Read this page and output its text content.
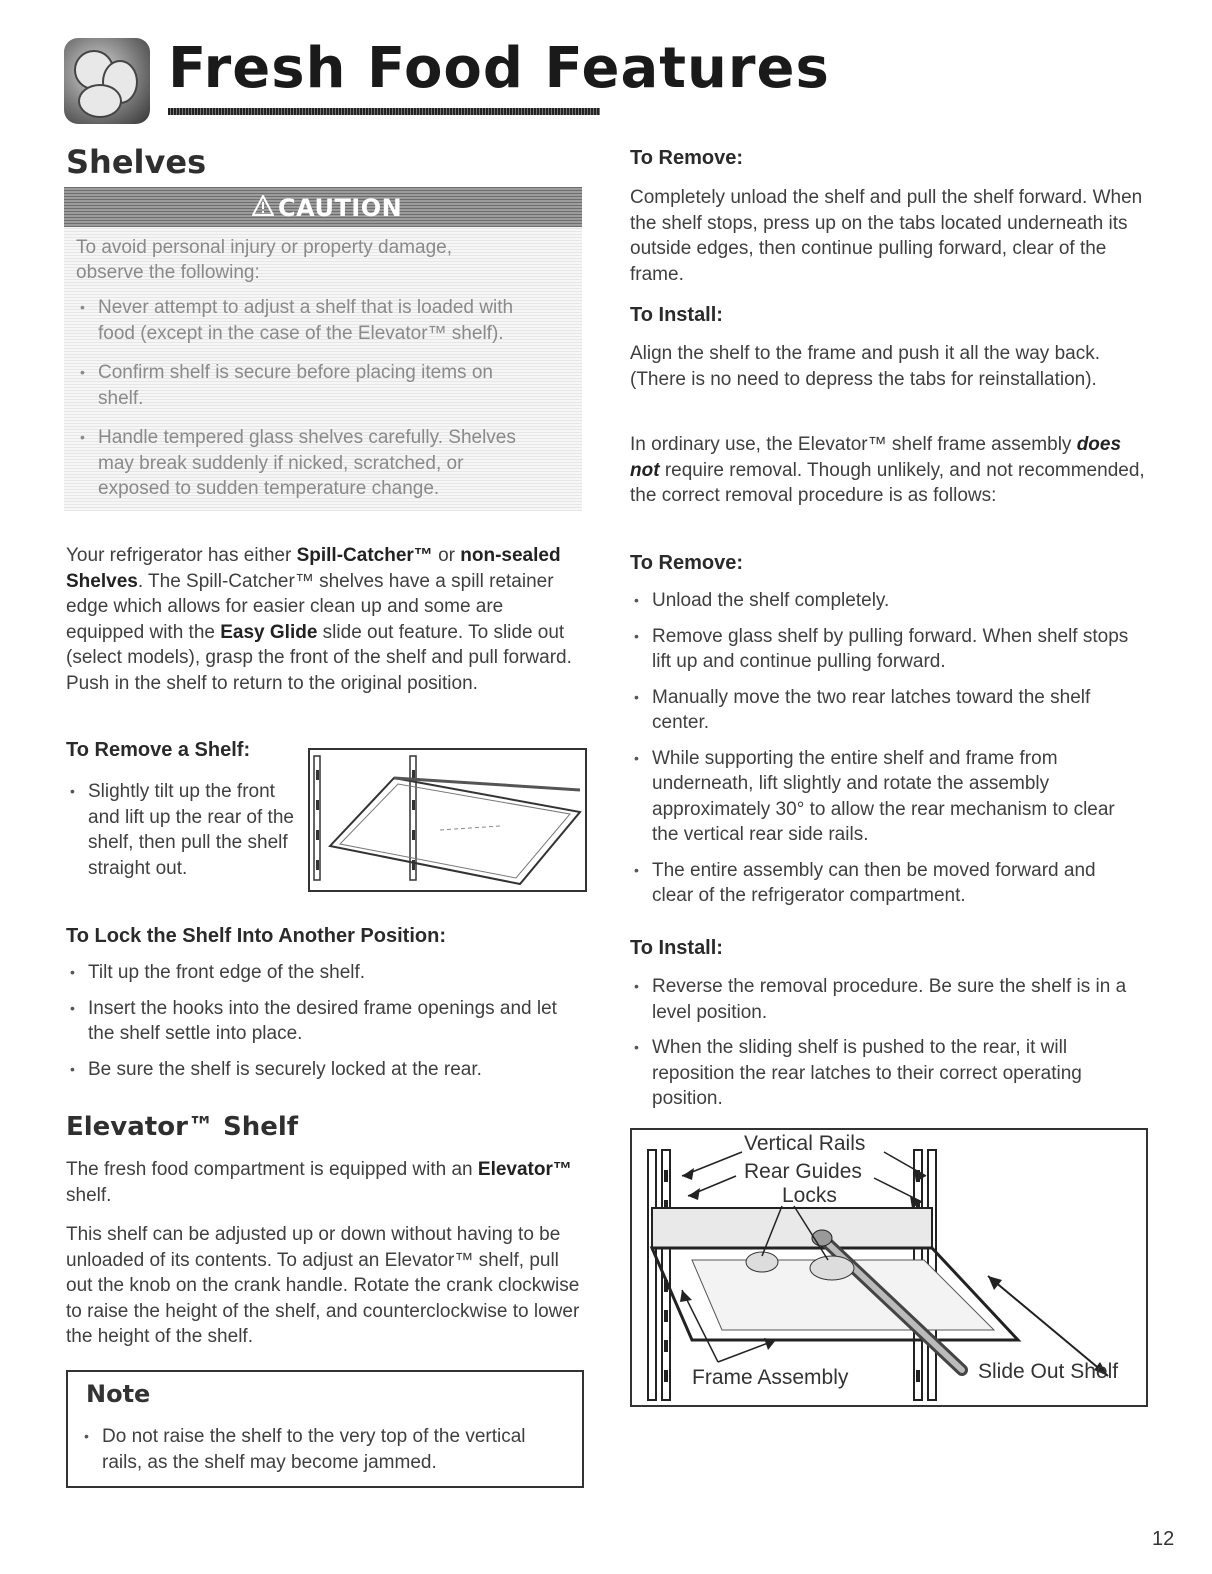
Fresh Food Features
Shelves
CAUTION

To avoid personal injury or property damage,

observe the following:

• Never attempt to adjust a shelf that is loaded with
food (except in the case of the Elevator™ shelf).
• Confirm shelf is secure before placing items on
shelf.
• Handle tempered glass shelves carefully. Shelves
may break suddenly if nicked, scratched, or
exposed to sudden temperature change.

Your refrigerator has either Spill-Catcher™ or non-sealed Shelves. The Spill-Catcher™ shelves have a spill retainer edge which allows for easier clean up and some are equipped with the Easy Glide slide out feature. To slide out (select models), grasp the front of the shelf and pull forward. Push in the shelf to return to the original position.

To Remove a Shelf:
• Slightly tilt up the front and lift up the rear of the shelf, then pull the shelf straight out.
To Lock the Shelf Into Another Position:
• Tilt up the front edge of the shelf.
• Insert the hooks into the desired frame openings and let the shelf settle into place.
• Be sure the shelf is securely locked at the rear.
Elevator™ Shelf

The fresh food compartment is equipped with an Elevator™ shelf.

This shelf can be adjusted up or down without having to be unloaded of its contents. To adjust an Elevator™ shelf, pull out the knob on the crank handle. Rotate the crank clockwise to raise the height of the shelf, and counterclockwise to lower the height of the shelf.

Note
• Do not raise the shelf to the very top of the vertical rails, as the shelf may become jammed.
To Remove:

Completely unload the shelf and pull the shelf forward. When the shelf stops, press up on the tabs located underneath its outside edges, then continue pulling forward, clear of the frame.

To Install:

Align the shelf to the frame and push it all the way back. (There is no need to depress the tabs for reinstallation).

In ordinary use, the Elevator™ shelf frame assembly does not require removal. Though unlikely, and not recommended, the correct removal procedure is as follows:

To Remove:
• Unload the shelf completely.
• Remove glass shelf by pulling forward. When shelf stops lift up and continue pulling forward.
• Manually move the two rear latches toward the shelf center.
• While supporting the entire shelf and frame from underneath, lift slightly and rotate the assembly approximately 30° to allow the rear mechanism to clear the vertical rear side rails.
• The entire assembly can then be moved forward and clear of the refrigerator compartment.
To Install:
• Reverse the removal procedure. Be sure the shelf is in a level position.
• When the sliding shelf is pushed to the rear, it will reposition the rear latches to their correct operating position.
Vertical Rails
Rear Guides
Locks
Frame Assembly	Slide Out Shelf
12
